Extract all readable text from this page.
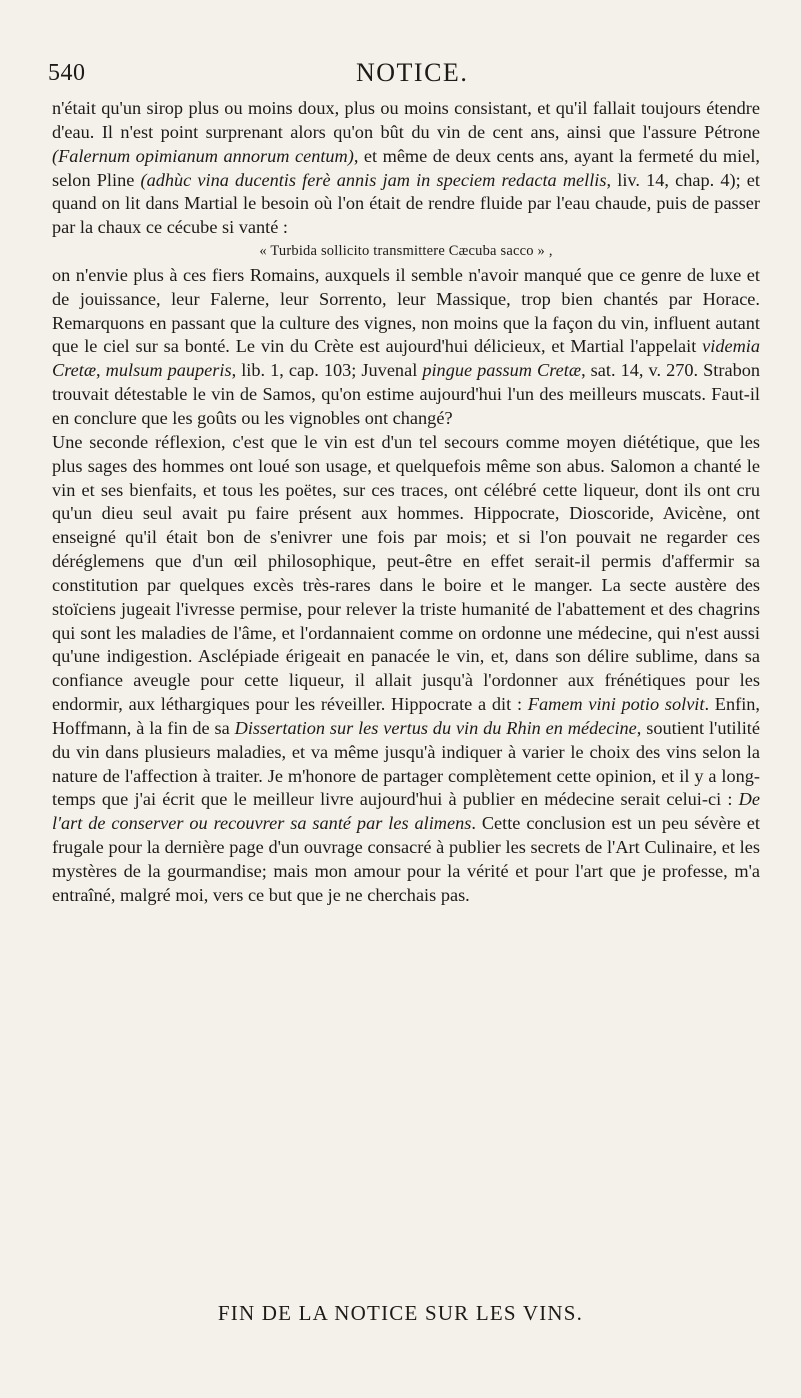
540	NOTICE.

n'était qu'un sirop plus ou moins doux, plus ou moins consistant, et qu'il fallait toujours étendre d'eau. Il n'est point surprenant alors qu'on bût du vin de cent ans, ainsi que l'assure Pétrone (Falernum opimianum annorum centum), et même de deux cents ans, ayant la fermeté du miel, selon Pline (adhùc vina ducentis ferè annis jam in speciem redacta mellis, liv. 14, chap. 4); et quand on lit dans Martial le besoin où l'on était de rendre fluide par l'eau chaude, puis de passer par la chaux ce cécube si vanté :

« Turbida sollicito transmittere Cæcuba sacco » ,

on n'envie plus à ces fiers Romains, auxquels il semble n'avoir manqué que ce genre de luxe et de jouissance, leur Falerne, leur Sorrento, leur Massique, trop bien chantés par Horace. Remarquons en passant que la culture des vignes, non moins que la façon du vin, influent autant que le ciel sur sa bonté. Le vin du Crète est aujourd'hui délicieux, et Martial l'appelait videmia Cretæ, mulsum pauperis, lib. 1, cap. 103; Juvenal pingue passum Cretæ, sat. 14, v. 270. Strabon trouvait détestable le vin de Samos, qu'on estime aujourd'hui l'un des meilleurs muscats. Faut-il en conclure que les goûts ou les vignobles ont changé?

Une seconde réflexion, c'est que le vin est d'un tel secours comme moyen diététique, que les plus sages des hommes ont loué son usage, et quelquefois même son abus. Salomon a chanté le vin et ses bienfaits, et tous les poëtes, sur ces traces, ont célébré cette liqueur, dont ils ont cru qu'un dieu seul avait pu faire présent aux hommes. Hippocrate, Dioscoride, Avicène, ont enseigné qu'il était bon de s'enivrer une fois par mois; et si l'on pouvait ne regarder ces déréglemens que d'un œil philosophique, peut-être en effet serait-il permis d'affermir sa constitution par quelques excès très-rares dans le boire et le manger. La secte austère des stoïciens jugeait l'ivresse permise, pour relever la triste humanité de l'abattement et des chagrins qui sont les maladies de l'âme, et l'ordannaient comme on ordonne une médecine, qui n'est aussi qu'une indigestion. Asclépiade érigeait en panacée le vin, et, dans son délire sublime, dans sa confiance aveugle pour cette liqueur, il allait jusqu'à l'ordonner aux frénétiques pour les endormir, aux léthargiques pour les réveiller. Hippocrate a dit : Famem vini potio solvit. Enfin, Hoffmann, à la fin de sa Dissertation sur les vertus du vin du Rhin en médecine, soutient l'utilité du vin dans plusieurs maladies, et va même jusqu'à indiquer à varier le choix des vins selon la nature de l'affection à traiter. Je m'honore de partager complètement cette opinion, et il y a long-temps que j'ai écrit que le meilleur livre aujourd'hui à publier en médecine serait celui-ci : De l'art de conserver ou recouvrer sa santé par les alimens. Cette conclusion est un peu sévère et frugale pour la dernière page d'un ouvrage consacré à publier les secrets de l'Art Culinaire, et les mystères de la gourmandise; mais mon amour pour la vérité et pour l'art que je professe, m'a entraîné, malgré moi, vers ce but que je ne cherchais pas.

FIN DE LA NOTICE SUR LES VINS.
